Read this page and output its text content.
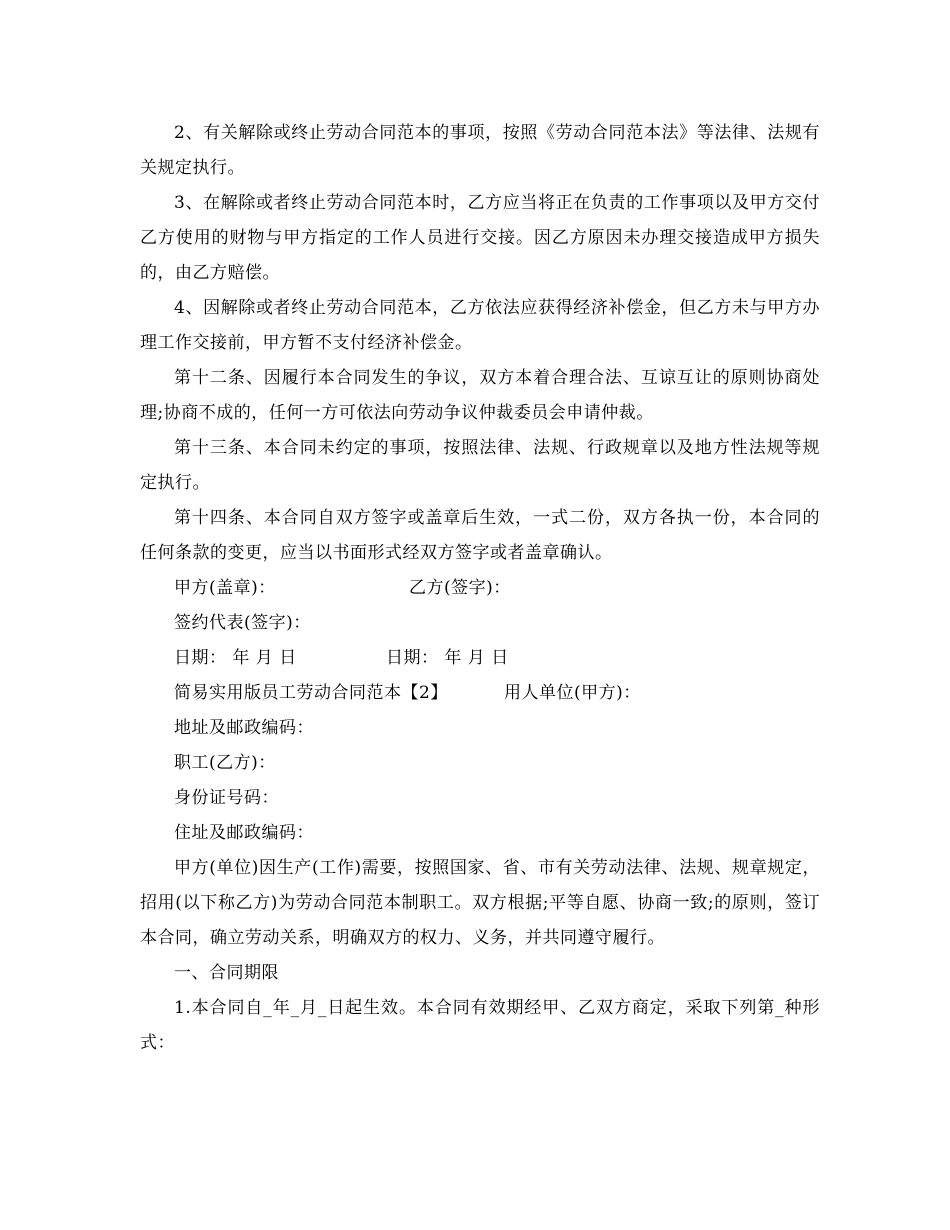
2、有关解除或终止劳动合同范本的事项，按照《劳动合同范本法》等法律、法规有关规定执行。

3、在解除或者终止劳动合同范本时，乙方应当将正在负责的工作事项以及甲方交付乙方使用的财物与甲方指定的工作人员进行交接。因乙方原因未办理交接造成甲方损失的，由乙方赔偿。

4、因解除或者终止劳动合同范本，乙方依法应获得经济补偿金，但乙方未与甲方办理工作交接前，甲方暂不支付经济补偿金。

第十二条、因履行本合同发生的争议，双方本着合理合法、互谅互让的原则协商处理;协商不成的，任何一方可依法向劳动争议仲裁委员会申请仲裁。

第十三条、本合同未约定的事项，按照法律、法规、行政规章以及地方性法规等规定执行。

第十四条、本合同自双方签字或盖章后生效，一式二份，双方各执一份，本合同的任何条款的变更，应当以书面形式经双方签字或者盖章确认。

甲方(盖章)：	乙方(签字)：

签约代表(签字)：

日期： 年 月 日	日期： 年 月 日
简易实用版员工劳动合同范本【2】	用人单位(甲方)：

地址及邮政编码：

职工(乙方)：

身份证号码：

住址及邮政编码：

甲方(单位)因生产(工作)需要，按照国家、省、市有关劳动法律、法规、规章规定，招用(以下称乙方)为劳动合同范本制职工。双方根据;平等自愿、协商一致;的原则，签订本合同，确立劳动关系，明确双方的权力、义务，并共同遵守履行。

一、合同期限

1.本合同自_年_月_日起生效。本合同有效期经甲、乙双方商定，采取下列第_种形式：
